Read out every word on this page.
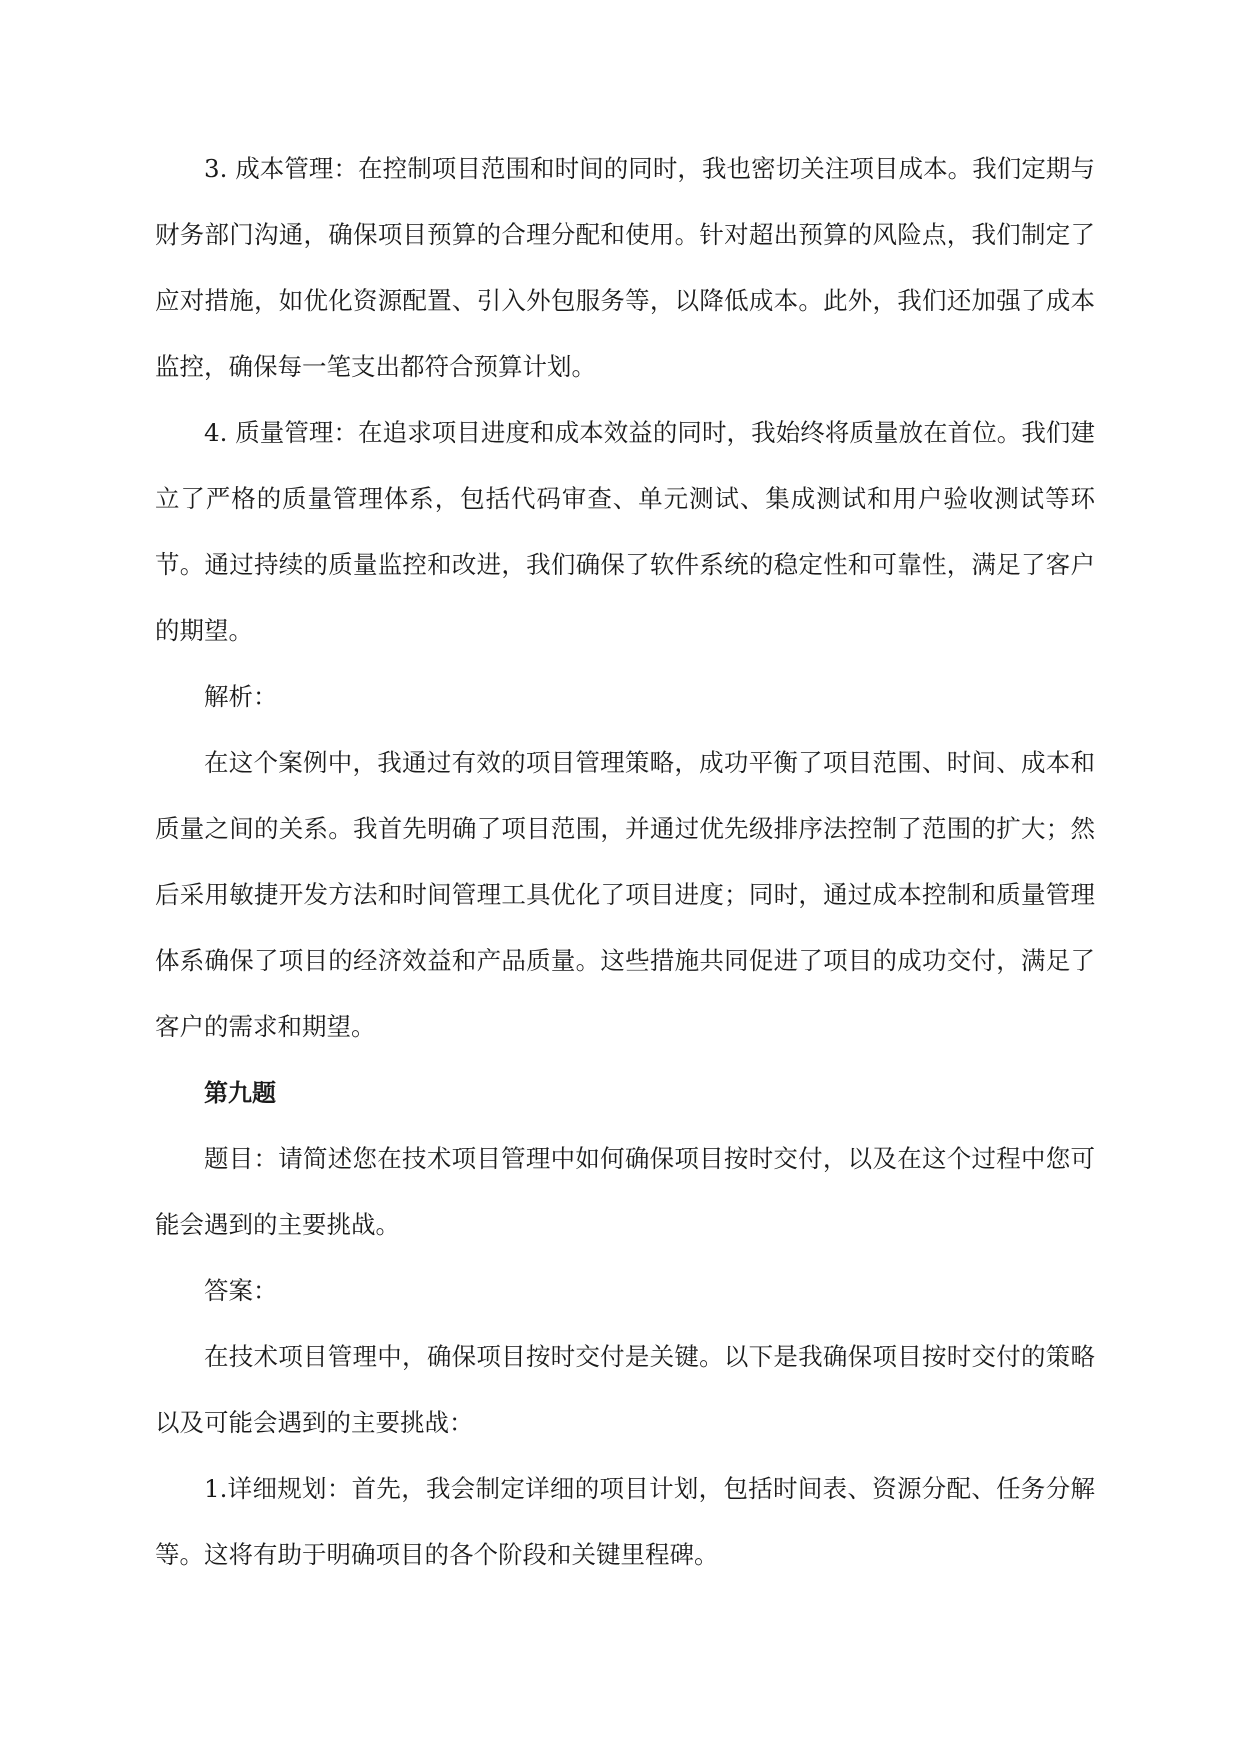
3. 成本管理：在控制项目范围和时间的同时，我也密切关注项目成本。我们定期与财务部门沟通，确保项目预算的合理分配和使用。针对超出预算的风险点，我们制定了应对措施，如优化资源配置、引入外包服务等，以降低成本。此外，我们还加强了成本监控，确保每一笔支出都符合预算计划。

4. 质量管理：在追求项目进度和成本效益的同时，我始终将质量放在首位。我们建立了严格的质量管理体系，包括代码审查、单元测试、集成测试和用户验收测试等环节。通过持续的质量监控和改进，我们确保了软件系统的稳定性和可靠性，满足了客户的期望。

解析：

在这个案例中，我通过有效的项目管理策略，成功平衡了项目范围、时间、成本和质量之间的关系。我首先明确了项目范围，并通过优先级排序法控制了范围的扩大；然后采用敏捷开发方法和时间管理工具优化了项目进度；同时，通过成本控制和质量管理体系确保了项目的经济效益和产品质量。这些措施共同促进了项目的成功交付，满足了客户的需求和期望。

第九题

题目：请简述您在技术项目管理中如何确保项目按时交付，以及在这个过程中您可能会遇到的主要挑战。

答案：

在技术项目管理中，确保项目按时交付是关键。以下是我确保项目按时交付的策略以及可能会遇到的主要挑战：

1.详细规划：首先，我会制定详细的项目计划，包括时间表、资源分配、任务分解等。这将有助于明确项目的各个阶段和关键里程碑。
